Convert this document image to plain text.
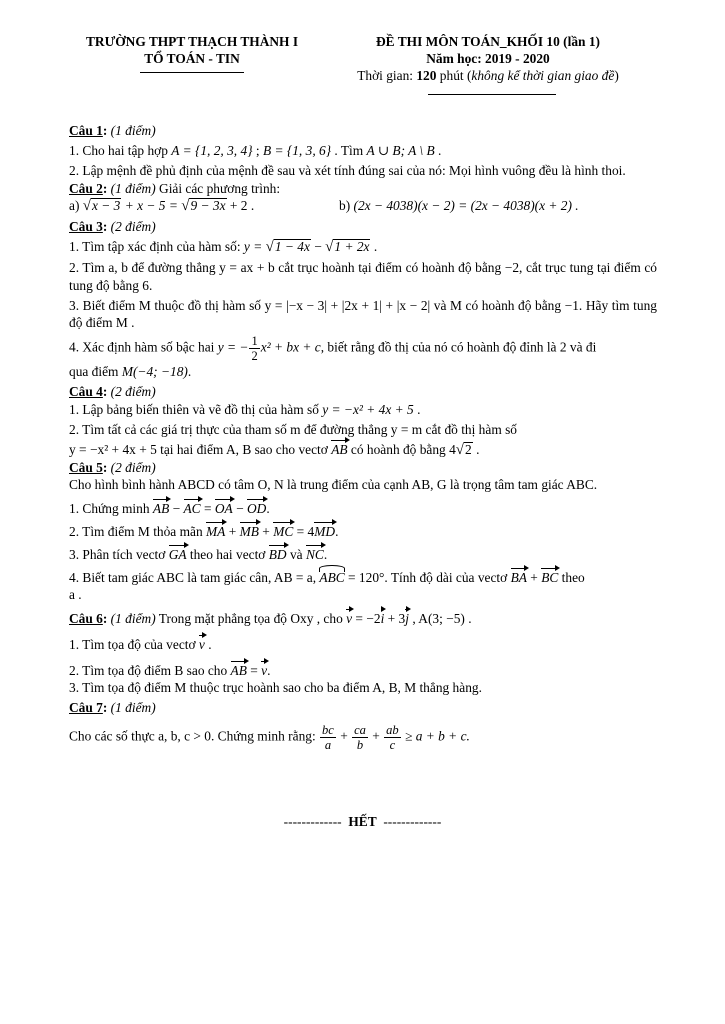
TRƯỜNG THPT THẠCH THÀNH I
TỔ TOÁN - TIN
ĐỀ THI MÔN TOÁN_KHỐI 10 (lần 1)
Năm học: 2019 - 2020
Thời gian: 120 phút (không kể thời gian giao đề)
Câu 1: (1 điểm)
1. Cho hai tập hợp A = {1, 2, 3, 4} ; B = {1, 3, 6} . Tìm A ∪ B; A \ B .
2. Lập mệnh đề phủ định của mệnh đề sau và xét tính đúng sai của nó: Mọi hình vuông đều là hình thoi.
Câu 2: (1 điểm) Giải các phương trình:
a) √x − 3 + x − 5 = √9 − 3x + 2 .	b) (2x − 4038)(x − 2) = (2x − 4038)(x + 2) .
Câu 3: (2 điểm)
1. Tìm tập xác định của hàm số: y = √1 − 4x − √1 + 2x .
2. Tìm a, b để đường thẳng y = ax + b cắt trục hoành tại điểm có hoành độ bằng −2, cắt trục tung tại điểm có tung độ bằng 6.
3. Biết điểm M thuộc đồ thị hàm số y = |−x − 3| + |2x + 1| + |x − 2| và M có hoành độ bằng −1. Hãy tìm tung độ điểm M .
4. Xác định hàm số bậc hai y = − $\frac{1}{2} x^2$ + bx + c, biết rằng đồ thị của nó có hoành độ đỉnh là 2 và đi
qua điểm M(−4; −18).
Câu 4: (2 điểm)
1. Lập bảng biến thiên và vẽ đồ thị của hàm số y = −x² + 4x + 5 .
2. Tìm tất cả các giá trị thực của tham số m để đường thẳng y = m cắt đồ thị hàm số
y = −x² + 4x + 5 tại hai điểm A, B sao cho vectơ AB có hoành độ bằng 4√2 .
Câu 5: (2 điểm)
Cho hình bình hành ABCD có tâm O, N là trung điểm của cạnh AB, G là trọng tâm tam giác ABC.
1. Chứng minh AB − AC = OA − OD.
2. Tìm điểm M thỏa mãn MA + MB + MC = 4MD.
3. Phân tích vectơ GA theo hai vectơ BD và NC.
4. Biết tam giác ABC là tam giác cân, AB = a, ABC = 120°. Tính độ dài của vectơ BA + BC theo
a .
Câu 6: (1 điểm) Trong mặt phẳng tọa độ Oxy , cho v = −2i + 3j , A(3; −5) .
1. Tìm tọa độ của vectơ v .
2. Tìm tọa độ điểm B sao cho AB = v.
3. Tìm tọa độ điểm M thuộc trục hoành sao cho ba điểm A, B, M thẳng hàng.
Câu 7: (1 điểm)
Cho các số thực a, b, c > 0. Chứng minh rằng: $\frac{bc}{a} + \frac{ca}{b} + \frac{ab}{c} \ge a + b + c$.
------------- HẾT -------------
